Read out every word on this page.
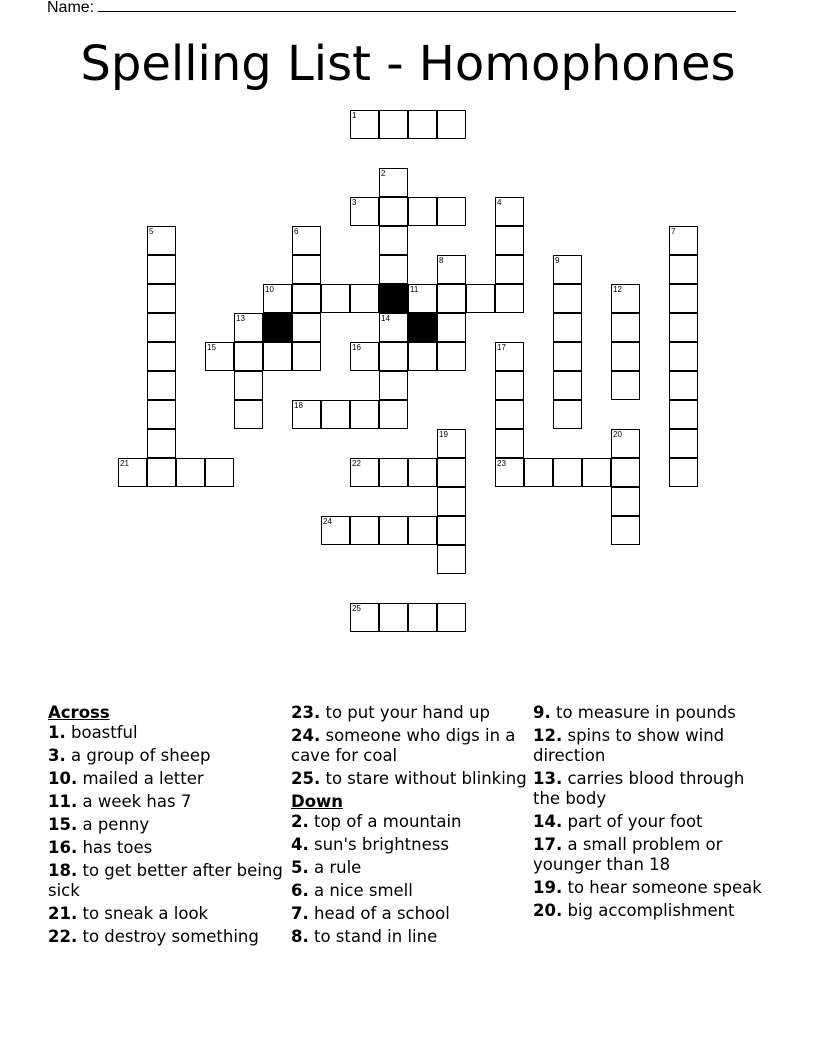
Name:
Spelling List - Homophones
1
3
10	11
15	16
18
21	22	23
24
25
2
14
4
5	6	7
8	9
12
13
17
19	20
Across
1. boastful
3. a group of sheep
10. mailed a letter
11. a week has 7
15. a penny
16. has toes
18. to get better after being sick
21. to sneak a look
22. to destroy something
23. to put your hand up
24. someone who digs in a cave for coal
25. to stare without blinking
Down
2. top of a mountain
4. sun's brightness
5. a rule
6. a nice smell
7. head of a school
8. to stand in line
9. to measure in pounds
12. spins to show wind direction
13. carries blood through the body
14. part of your foot
17. a small problem or younger than 18
19. to hear someone speak
20. big accomplishment
